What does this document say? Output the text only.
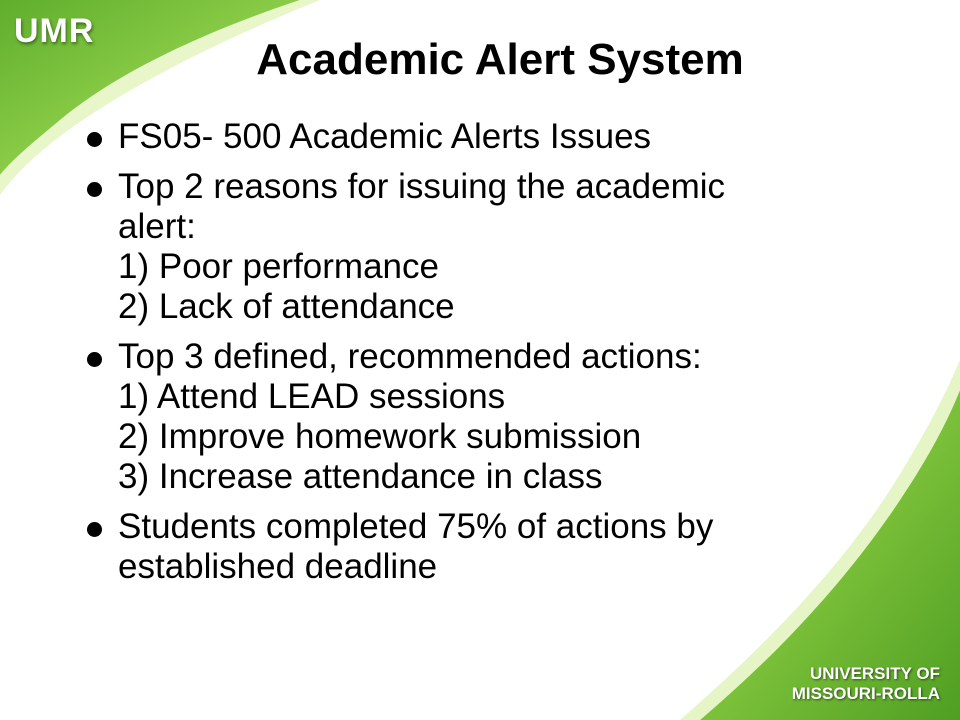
UMR
Academic Alert System
FS05- 500 Academic Alerts Issues
Top 2 reasons for issuing the academic
alert:
1) Poor performance
2) Lack of attendance
Top 3 defined, recommended actions:
1) Attend LEAD sessions
2) Improve homework submission
3) Increase attendance in class
Students completed 75% of actions by
established deadline
UNIVERSITY OF
MISSOURI-ROLLA
